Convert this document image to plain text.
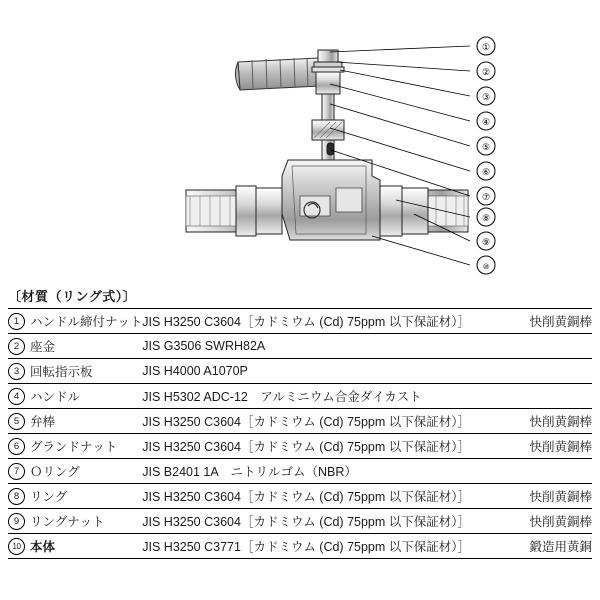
①
②
③
④
⑤
⑥
⑦
⑧
⑨
⑩
〔材質（リング式）〕
1 ハンドル締付ナット	JIS H3250 C3604［カドミウム (Cd) 75ppm 以下保証材）］	快削黄銅棒
2 座金	JIS G3506 SWRH82A	
3 回転指示板	JIS H4000 A1070P	
4 ハンドル	JIS H5302 ADC-12　アルミニウム合金ダイカスト	
5 弁棒	JIS H3250 C3604［カドミウム (Cd) 75ppm 以下保証材）］	快削黄銅棒
6 グランドナット	JIS H3250 C3604［カドミウム (Cd) 75ppm 以下保証材）］	快削黄銅棒
7 Ｏリング	JIS B2401 1A　ニトリルゴム（NBR）	
8 リング	JIS H3250 C3604［カドミウム (Cd) 75ppm 以下保証材）］	快削黄銅棒
9 リングナット	JIS H3250 C3604［カドミウム (Cd) 75ppm 以下保証材）］	快削黄銅棒
10 本体	JIS H3250 C3771［カドミウム (Cd) 75ppm 以下保証材）］	鍛造用黄銅
